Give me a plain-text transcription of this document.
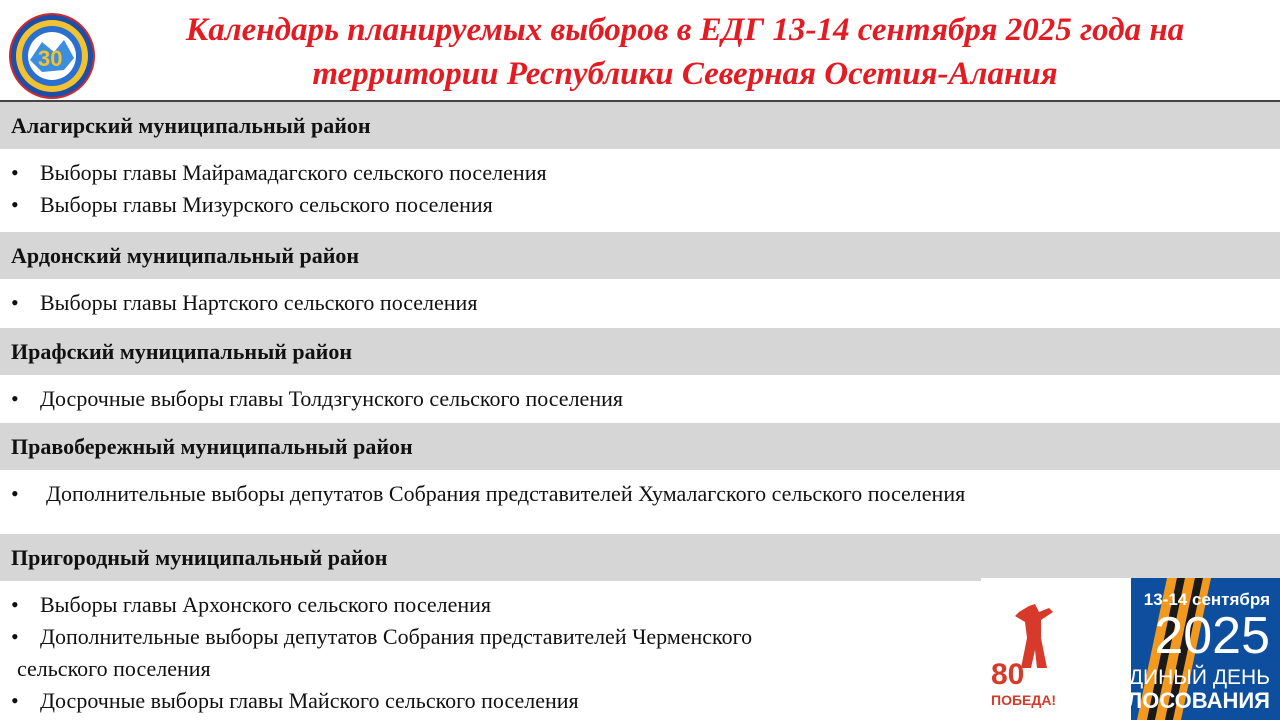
30
Календарь планируемых выборов в ЕДГ 13-14 сентября 2025 года на
территории Республики Северная Осетия-Алания
Алагирский муниципальный район
• Выборы главы Майрамадагского сельского поселения
• Выборы главы Мизурского сельского поселения
Ардонский муниципальный район
• Выборы главы Нартского сельского поселения
Ирафский муниципальный район
• Досрочные выборы главы Толдзгунского сельского поселения
Правобережный муниципальный район
• Дополнительные выборы депутатов Собрания представителей Хумалагского сельского поселения
Пригородный муниципальный район
• Выборы главы Архонского сельского поселения
• Дополнительные выборы депутатов Собрания представителей Черменского
сельского поселения
• Досрочные выборы главы Майского сельского поселения
80
ПОБЕДА!
13-14 сентября
2025
ЕДИНЫЙ ДЕНЬ
ГОЛОСОВАНИЯ
